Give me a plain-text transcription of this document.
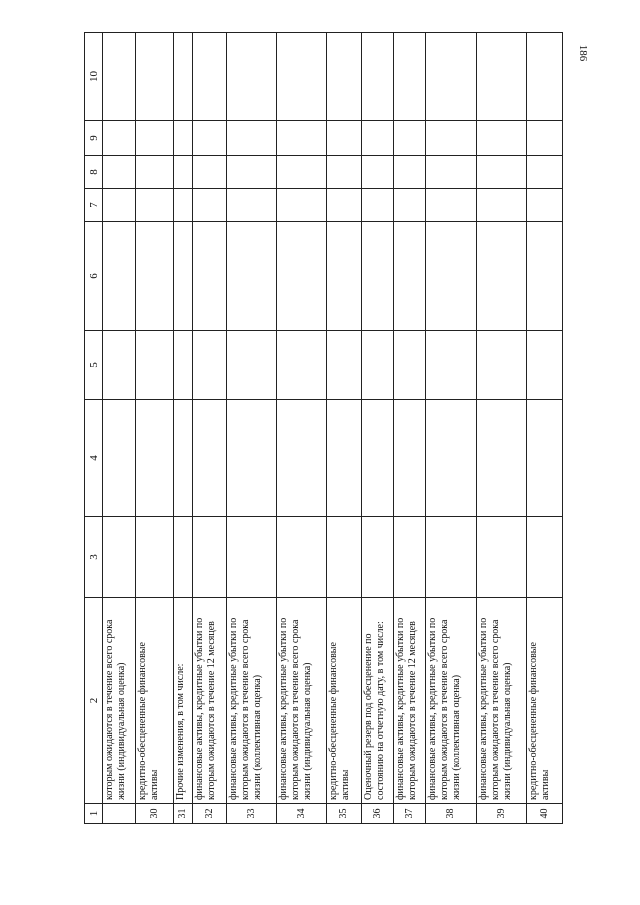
186
1	2	3	4	5	6	7	8	9	10

	которым ожидаются в течение всего срока жизни (индивидуальная оценка)								

30	кредитно-обесцененные финансовые активы								

31	Прочие изменения, в том числе:								

32	финансовые активы, кредитные убытки по которым ожидаются в течение 12 месяцев								

33	финансовые активы, кредитные убытки по которым ожидаются в течение всего срока жизни (коллективная оценка)								

34	финансовые активы, кредитные убытки по которым ожидаются в течение всего срока жизни (индивидуальная оценка)								

35	кредитно-обесцененные финансовые активы								

36	Оценочный резерв под обесценение по состоянию на отчетную дату, в том числе:								

37	финансовые активы, кредитные убытки по которым ожидаются в течение 12 месяцев								

38	финансовые активы, кредитные убытки по которым ожидаются в течение всего срока жизни (коллективная оценка)								

39	финансовые активы, кредитные убытки по которым ожидаются в течение всего срока жизни (индивидуальная оценка)								

40	кредитно-обесцененные финансовые активы								
